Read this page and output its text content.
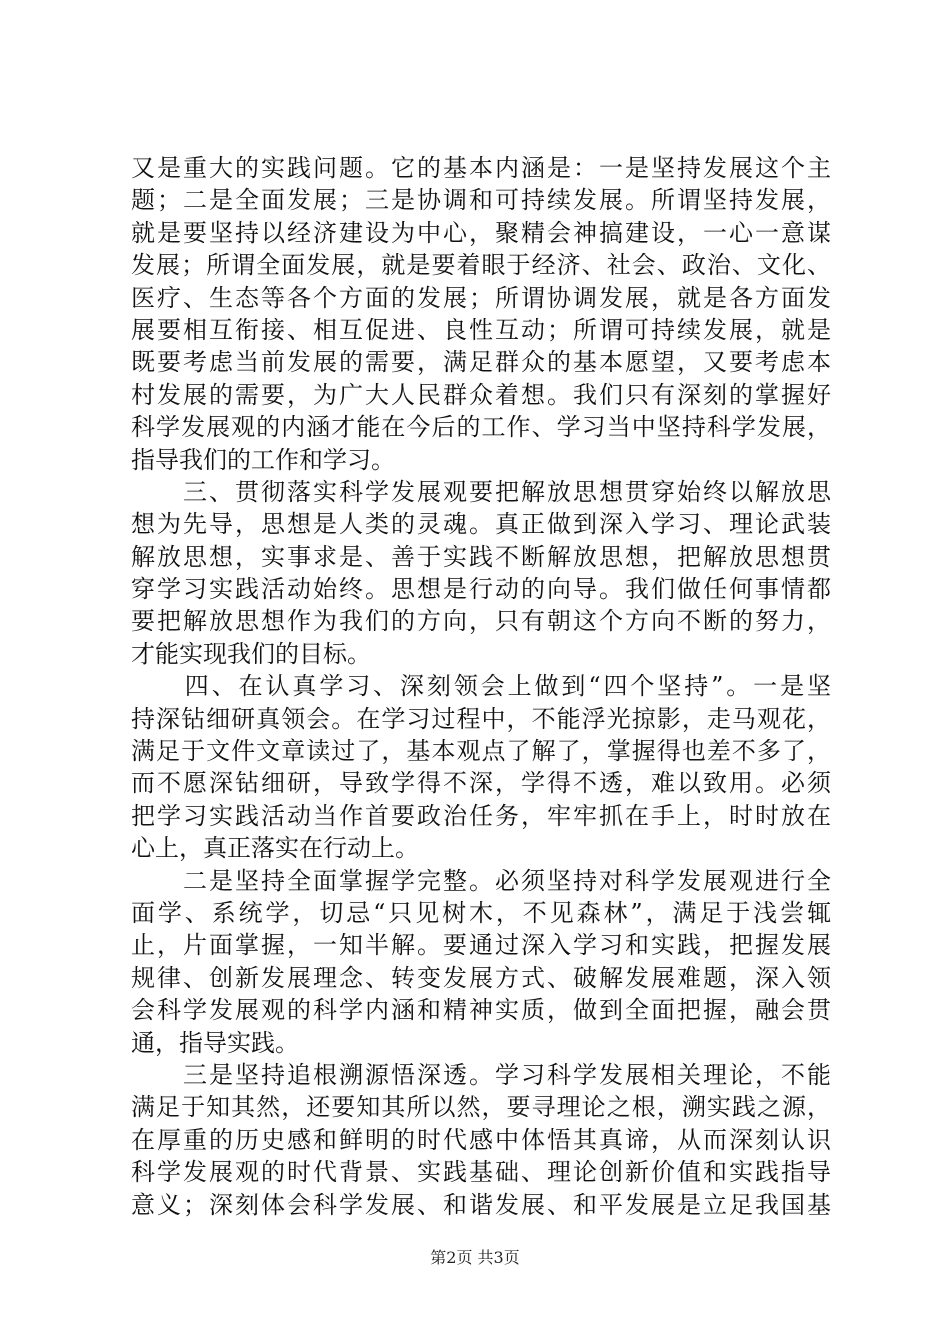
又是重大的实践问题。它的基本内涵是：一是坚持发展这个主
题；二是全面发展；三是协调和可持续发展。所谓坚持发展，
就是要坚持以经济建设为中心，聚精会神搞建设，一心一意谋
发展；所谓全面发展，就是要着眼于经济、社会、政治、文化、
医疗、生态等各个方面的发展；所谓协调发展，就是各方面发
展要相互衔接、相互促进、良性互动；所谓可持续发展，就是
既要考虑当前发展的需要，满足群众的基本愿望，又要考虑本
村发展的需要，为广大人民群众着想。我们只有深刻的掌握好
科学发展观的内涵才能在今后的工作、学习当中坚持科学发展，
指导我们的工作和学习。
　　三、贯彻落实科学发展观要把解放思想贯穿始终以解放思
想为先导，思想是人类的灵魂。真正做到深入学习、理论武装
解放思想，实事求是、善于实践不断解放思想，把解放思想贯
穿学习实践活动始终。思想是行动的向导。我们做任何事情都
要把解放思想作为我们的方向，只有朝这个方向不断的努力，
才能实现我们的目标。
　　四、在认真学习、深刻领会上做到“四个坚持”。一是坚
持深钻细研真领会。在学习过程中，不能浮光掠影，走马观花，
满足于文件文章读过了，基本观点了解了，掌握得也差不多了，
而不愿深钻细研，导致学得不深，学得不透，难以致用。必须
把学习实践活动当作首要政治任务，牢牢抓在手上，时时放在
心上，真正落实在行动上。
　　二是坚持全面掌握学完整。必须坚持对科学发展观进行全
面学、系统学，切忌“只见树木，不见森林”，满足于浅尝辄
止，片面掌握，一知半解。要通过深入学习和实践，把握发展
规律、创新发展理念、转变发展方式、破解发展难题，深入领
会科学发展观的科学内涵和精神实质，做到全面把握，融会贯
通，指导实践。
　　三是坚持追根溯源悟深透。学习科学发展相关理论，不能
满足于知其然，还要知其所以然，要寻理论之根，溯实践之源，
在厚重的历史感和鲜明的时代感中体悟其真谛，从而深刻认识
科学发展观的时代背景、实践基础、理论创新价值和实践指导
意义；深刻体会科学发展、和谐发展、和平发展是立足我国基
第2页 共3页
